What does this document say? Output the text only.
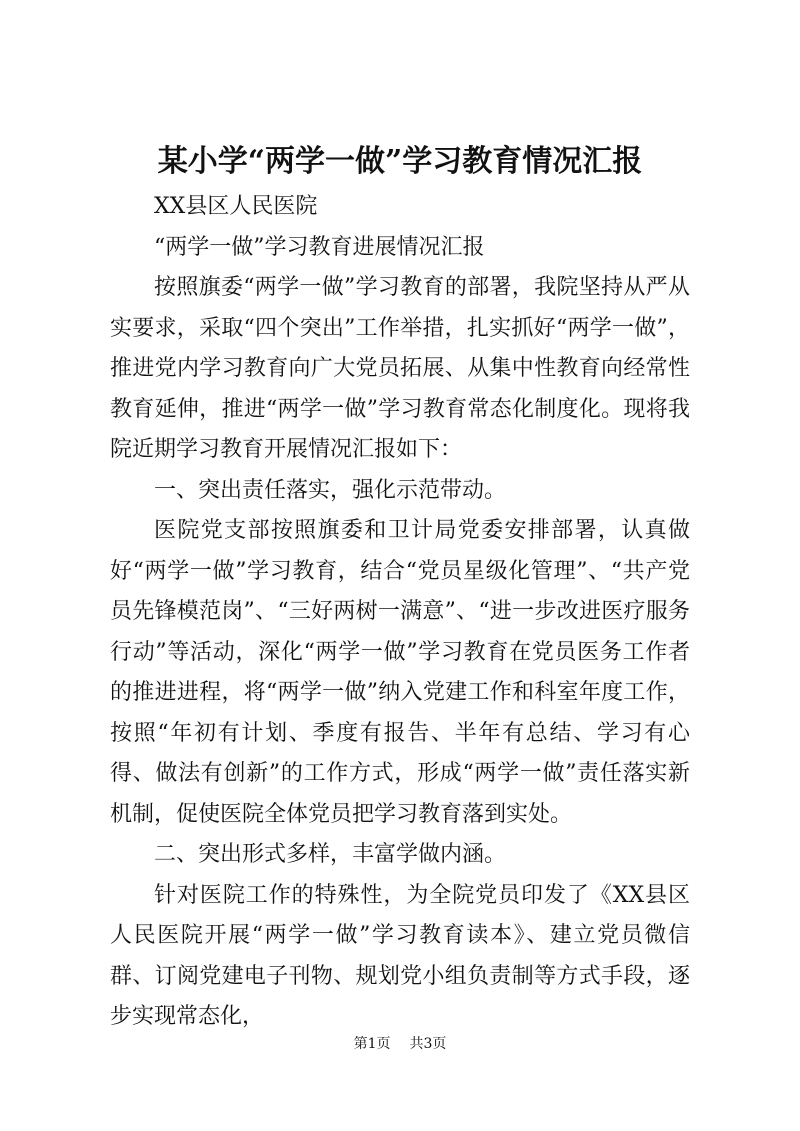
某小学“两学一做”学习教育情况汇报

XX县区人民医院

“两学一做”学习教育进展情况汇报

按照旗委“两学一做”学习教育的部署，我院坚持从严从实要求，采取“四个突出”工作举措，扎实抓好“两学一做”，推进党内学习教育向广大党员拓展、从集中性教育向经常性教育延伸，推进“两学一做”学习教育常态化制度化。现将我院近期学习教育开展情况汇报如下：

一、突出责任落实，强化示范带动。

医院党支部按照旗委和卫计局党委安排部署，认真做好“两学一做”学习教育，结合“党员星级化管理”、“共产党员先锋模范岗”、“三好两树一满意”、“进一步改进医疗服务行动”等活动，深化“两学一做”学习教育在党员医务工作者的推进进程，将“两学一做”纳入党建工作和科室年度工作，按照“年初有计划、季度有报告、半年有总结、学习有心得、做法有创新”的工作方式，形成“两学一做”责任落实新机制，促使医院全体党员把学习教育落到实处。

二、突出形式多样，丰富学做内涵。

针对医院工作的特殊性，为全院党员印发了《XX县区人民医院开展“两学一做”学习教育读本》、建立党员微信群、订阅党建电子刊物、规划党小组负责制等方式手段，逐步实现常态化，

第1页 共3页
